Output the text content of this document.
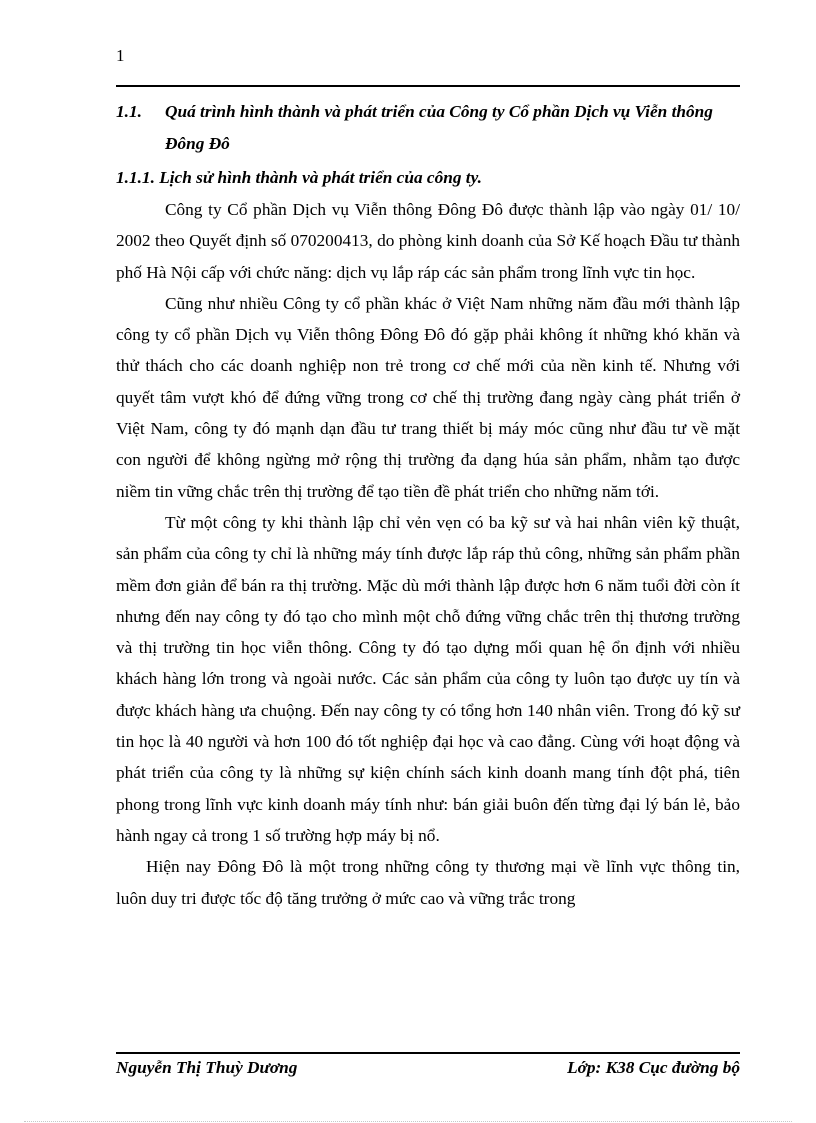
1
1.1.	Quá trình hình thành và phát triển của Công ty Cổ phần Dịch vụ Viễn thông Đông Đô
1.1.1. Lịch sử hình thành và phát triển của công ty.

Công ty Cổ phần Dịch vụ Viễn thông Đông Đô được thành lập vào ngày 01/ 10/ 2002 theo Quyết định số 070200413, do phòng kinh doanh của Sở Kế hoạch Đầu tư thành phố Hà Nội cấp với chức năng: dịch vụ lắp ráp các sản phẩm trong lĩnh vực tin học.

Cũng như nhiều Công ty cổ phần khác ở Việt Nam những năm đầu mới thành lập công ty cổ phần Dịch vụ Viễn thông Đông Đô đó gặp phải không ít những khó khăn và thử thách cho các doanh nghiệp non trẻ trong cơ chế mới của nền kinh tế. Nhưng với quyết tâm vượt khó để đứng vững trong cơ chế thị trường đang ngày càng phát triển ở Việt Nam, công ty đó mạnh dạn đầu tư trang thiết bị máy móc cũng như đầu tư về mặt con người để không ngừng mở rộng thị trường đa dạng húa sản phẩm, nhằm tạo được niềm tin vững chắc trên thị trường để tạo tiền đề phát triển cho những năm tới.

Từ một công ty khi thành lập chỉ vẻn vẹn có ba kỹ sư và hai nhân viên kỹ thuật, sản phẩm của công ty chỉ là những máy tính được lắp ráp thủ công, những sản phẩm phần mềm đơn giản để bán ra thị trường. Mặc dù mới thành lập được hơn 6 năm tuổi đời còn ít nhưng đến nay công ty đó tạo cho mình một chỗ đứng vững chắc trên thị thương trường và thị trường tin học viễn thông. Công ty đó tạo dựng mối quan hệ ổn định với nhiều khách hàng lớn trong và ngoài nước. Các sản phẩm của công ty luôn tạo được uy tín và được khách hàng ưa chuộng. Đến nay công ty có tổng hơn 140 nhân viên. Trong đó kỹ sư tin học là 40 người và hơn 100 đó tốt nghiệp đại học và cao đẳng. Cùng với hoạt động và phát triển của công ty là những sự kiện chính sách kinh doanh mang tính đột phá, tiên phong trong lĩnh vực kinh doanh máy tính như: bán giải buôn đến từng đại lý bán lẻ, bảo hành ngay cả trong 1 số trường hợp máy bị nổ.

Hiện nay Đông Đô là một trong những công ty thương mại về lĩnh vực thông tin, luôn duy tri được tốc độ tăng trưởng ở mức cao và vững trắc trong

Nguyễn Thị Thuỳ Dương	Lớp: K38 Cục đường bộ
